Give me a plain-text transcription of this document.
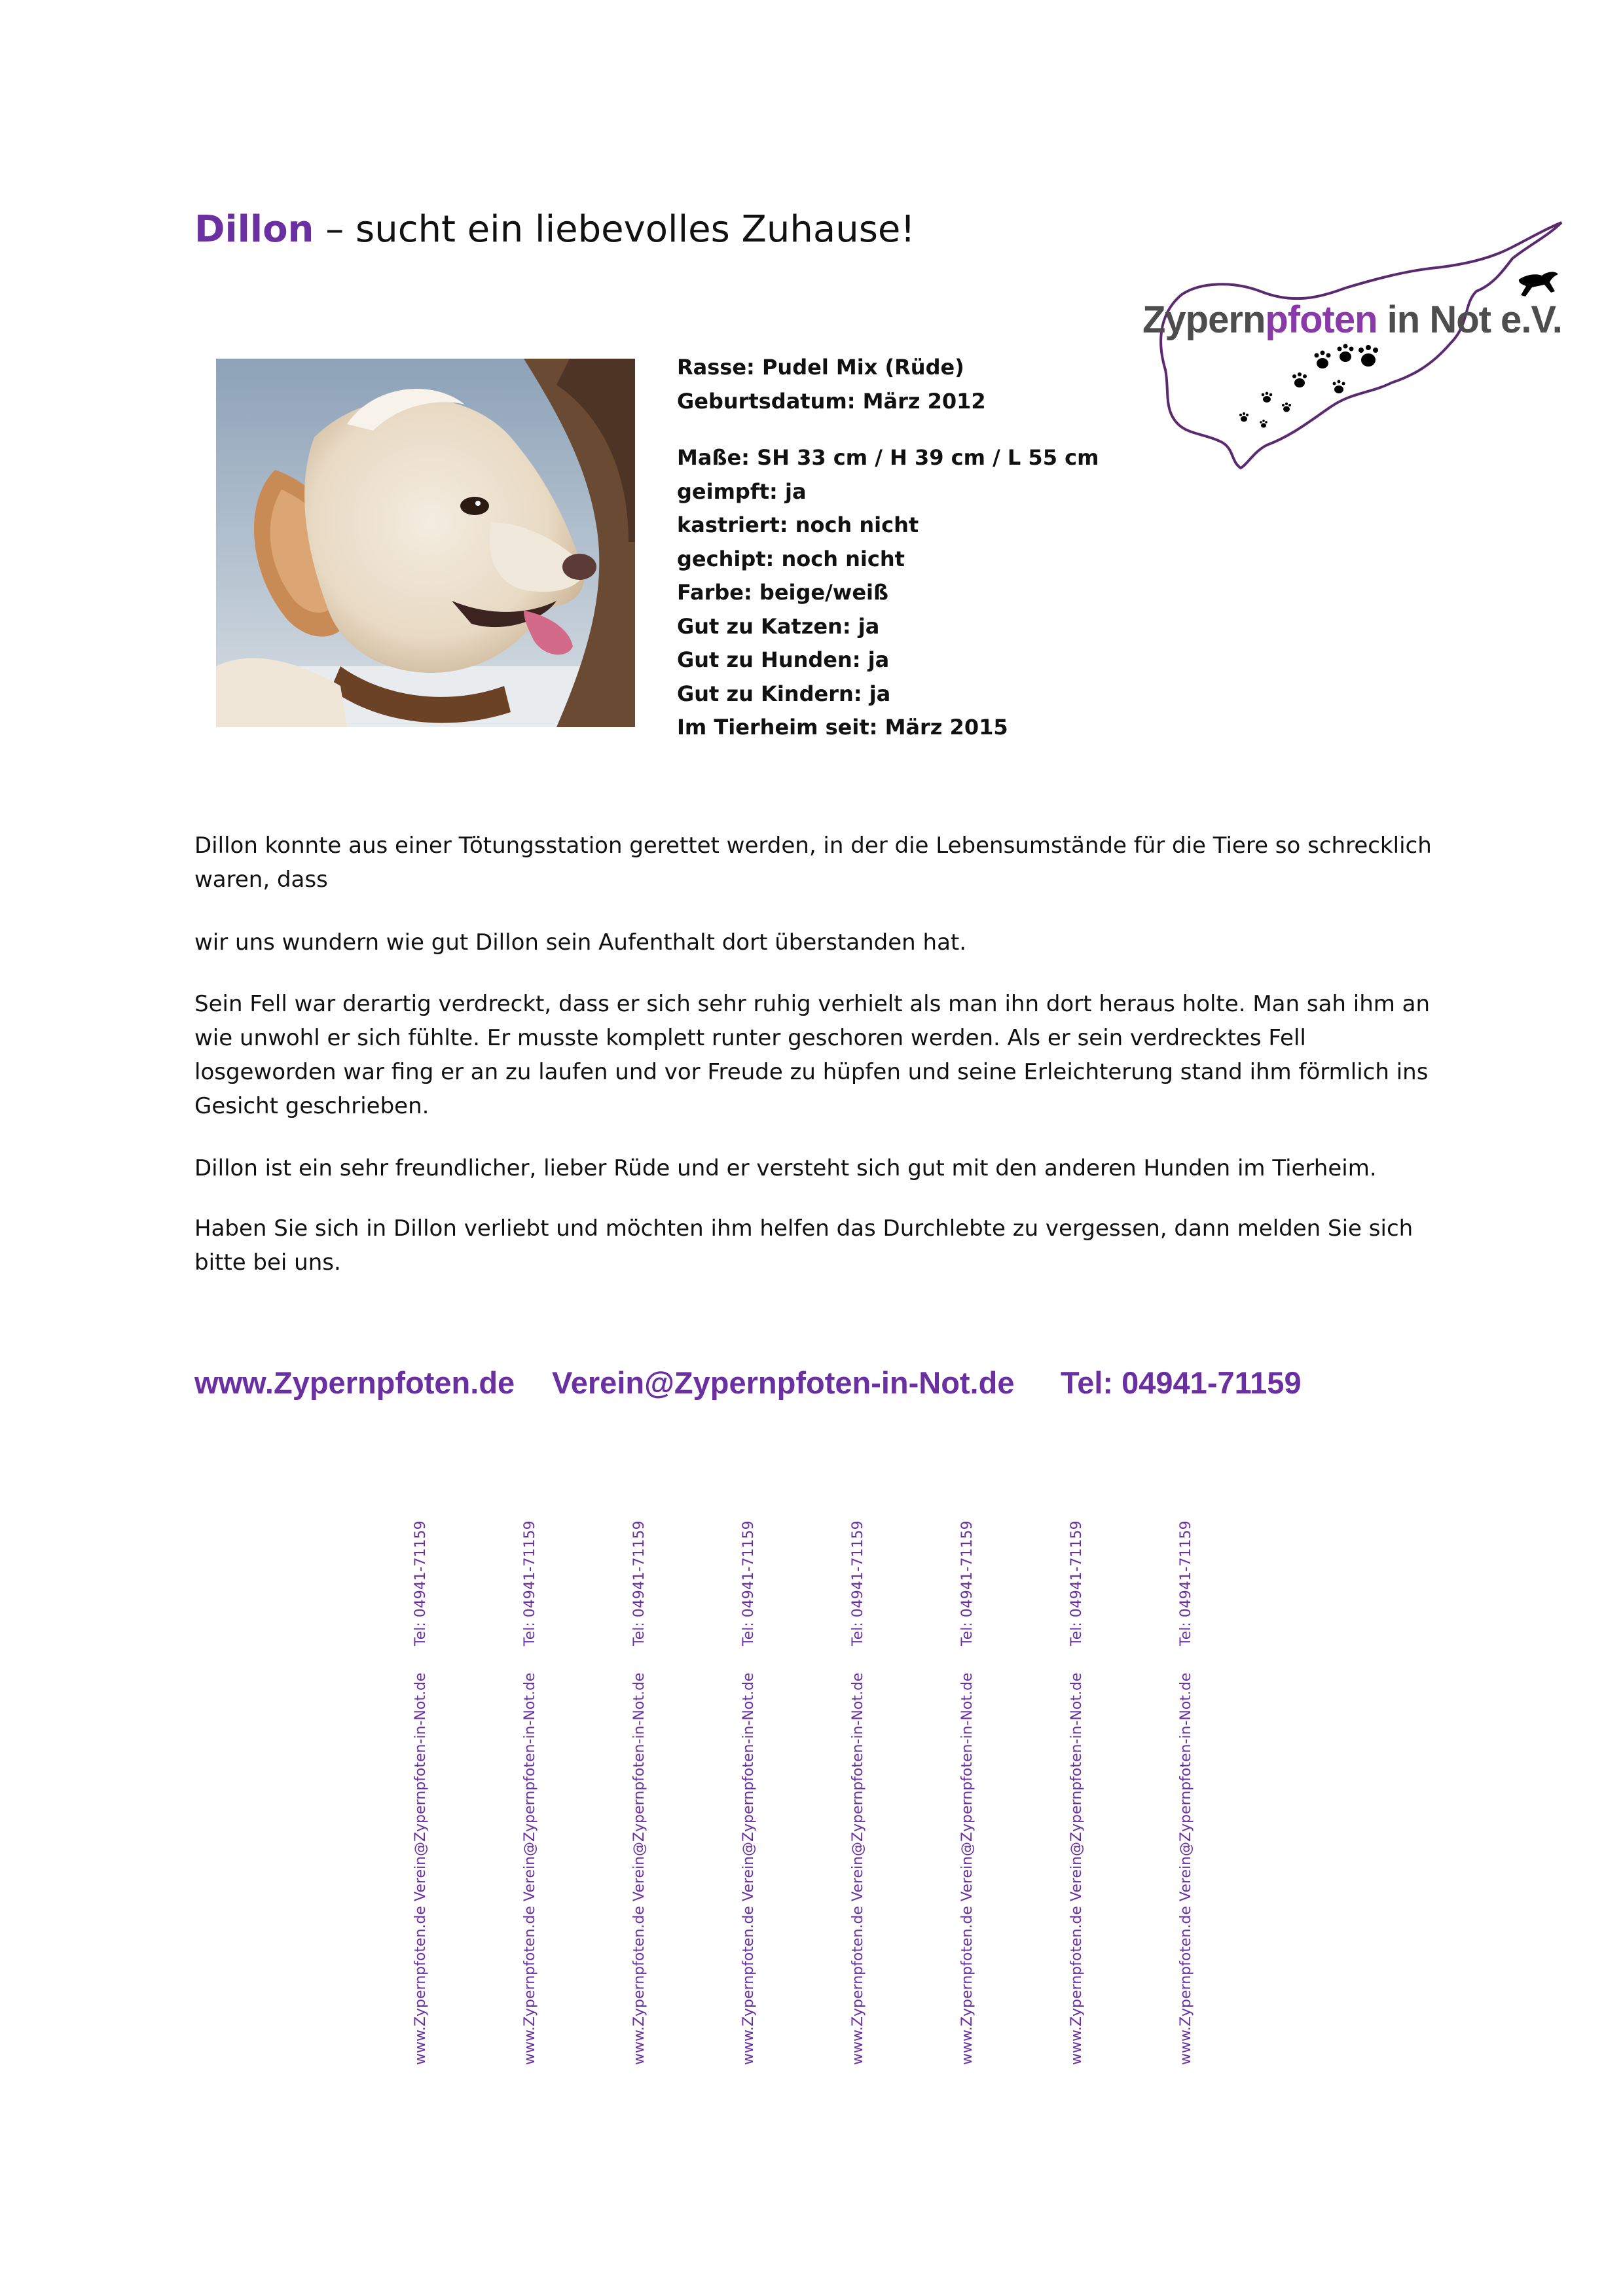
Dillon – sucht ein liebevolles Zuhause!
Zypernpfoten in Not e.V.
Rasse: Pudel Mix (Rüde)
Geburtsdatum: März 2012
Maße: SH 33 cm / H 39 cm / L 55 cm
geimpft: ja
kastriert: noch nicht
gechipt: noch nicht
Farbe: beige/weiß
Gut zu Katzen: ja
Gut zu Hunden: ja
Gut zu Kindern: ja
Im Tierheim seit: März 2015

Dillon konnte aus einer Tötungsstation gerettet werden, in der die Lebensumstände für die Tiere so schrecklich waren, dass

wir uns wundern wie gut Dillon sein Aufenthalt dort überstanden hat.

Sein Fell war derartig verdreckt, dass er sich sehr ruhig verhielt als man ihn dort heraus holte. Man sah ihm an wie unwohl er sich fühlte. Er musste komplett runter geschoren werden. Als er sein verdrecktes Fell losgeworden war fing er an zu laufen und vor Freude zu hüpfen und seine Erleichterung stand ihm förmlich ins Gesicht geschrieben.

Dillon ist ein sehr freundlicher, lieber Rüde und er versteht sich gut mit den anderen Hunden im Tierheim.

Haben Sie sich in Dillon verliebt und möchten ihm helfen das Durchlebte zu vergessen, dann melden Sie sich bitte bei uns.

www.Zypernpfoten.de Verein@Zypernpfoten-in-Not.de Tel: 04941-71159
www.Zypernpfoten.de
Verein@Zypernpfoten-in-Not.de
Tel: 04941-71159
www.Zypernpfoten.de
Verein@Zypernpfoten-in-Not.de
Tel: 04941-71159
www.Zypernpfoten.de
Verein@Zypernpfoten-in-Not.de
Tel: 04941-71159
www.Zypernpfoten.de
Verein@Zypernpfoten-in-Not.de
Tel: 04941-71159
www.Zypernpfoten.de
Verein@Zypernpfoten-in-Not.de
Tel: 04941-71159
www.Zypernpfoten.de
Verein@Zypernpfoten-in-Not.de
Tel: 04941-71159
www.Zypernpfoten.de
Verein@Zypernpfoten-in-Not.de
Tel: 04941-71159
www.Zypernpfoten.de
Verein@Zypernpfoten-in-Not.de
Tel: 04941-71159
